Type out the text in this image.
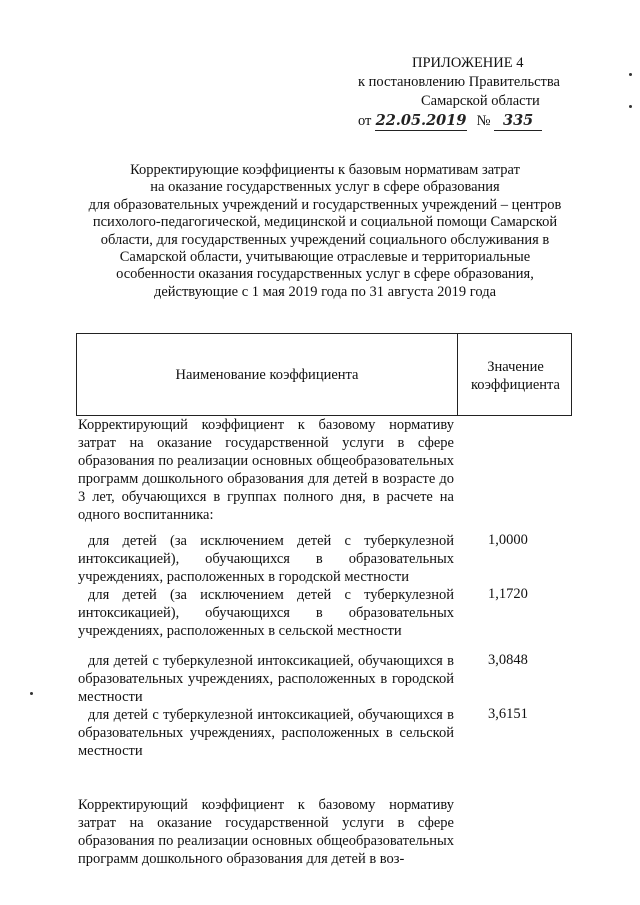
ПРИЛОЖЕНИЕ 4
к постановлению Правительства
Самарской области
от 22.05.2019 № 335
Корректирующие коэффициенты к базовым нормативам затрат
на оказание государственных услуг в сфере образования
для образовательных учреждений и государственных учреждений – центров
психолого-педагогической, медицинской и социальной помощи Самарской
области, для государственных учреждений социального обслуживания в
Самарской области, учитывающие отраслевые и территориальные
особенности оказания государственных услуг в сфере образования,
действующие с 1 мая 2019 года по 31 августа 2019 года
Наименование коэффициента
Значение
коэффициента
Корректирующий коэффициент к базовому нормативу затрат на оказание государственной услуги в сфере образования по реализации основных общеобразовательных программ дошкольного образования для детей в возрасте до 3 лет, обучающихся в группах полного дня, в расчете на одного воспитанника:
для детей (за исключением детей с туберкулезной интоксикацией), обучающихся в образовательных учреждениях, расположенных в городской местности
1,0000
для детей (за исключением детей с туберкулезной интоксикацией), обучающихся в образовательных учреждениях, расположенных в сельской местности
1,1720
для детей с туберкулезной интоксикацией, обучающихся в образовательных учреждениях, расположенных в городской местности
3,0848
для детей с туберкулезной интоксикацией, обучающихся в образовательных учреждениях, расположенных в сельской местности
3,6151
Корректирующий коэффициент к базовому нормативу затрат на оказание государственной услуги в сфере образования по реализации основных общеобразовательных программ дошкольного образования для детей в воз-
